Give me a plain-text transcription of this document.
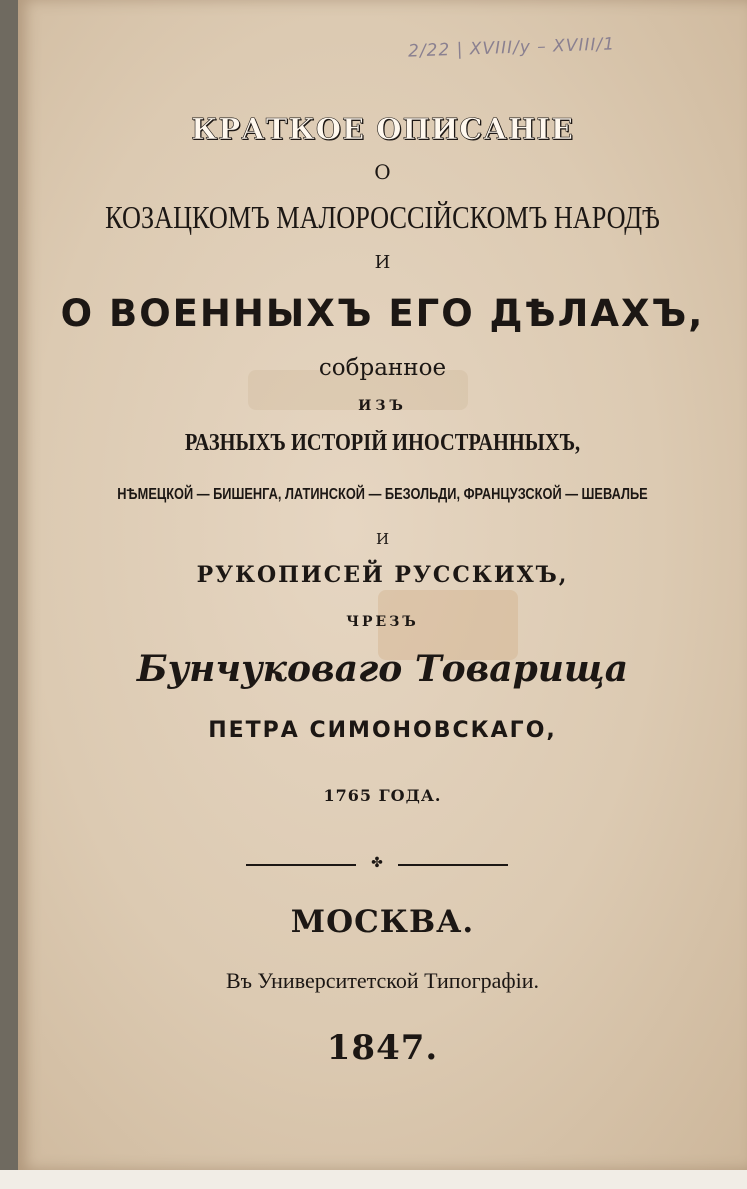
2/22 | XVIII/y – XVIII/1
КРАТКОЕ ОПИСАНІЕ
О
КОЗАЦКОМЪ МАЛОРОССІЙСКОМЪ НАРОДѢ
И
О ВОЕННЫХЪ ЕГО ДѢЛАХЪ,
собранное
ИЗЪ
РАЗНЫХЪ ИСТОРІЙ ИНОСТРАННЫХЪ,
НѢМЕЦКОЙ — БИШЕНГА, ЛАТИНСКОЙ — БЕЗОЛЬДИ, ФРАНЦУЗСКОЙ — ШЕВАЛЬЕ
И
РУКОПИСЕЙ РУССКИХЪ,
ЧРЕЗЪ
Бунчуковаго Товарища
ПЕТРА СИМОНОВСКАГО,
1765 ГОДА.
✤
МОСКВА.
Въ Университетской Типографіи.
1847.
